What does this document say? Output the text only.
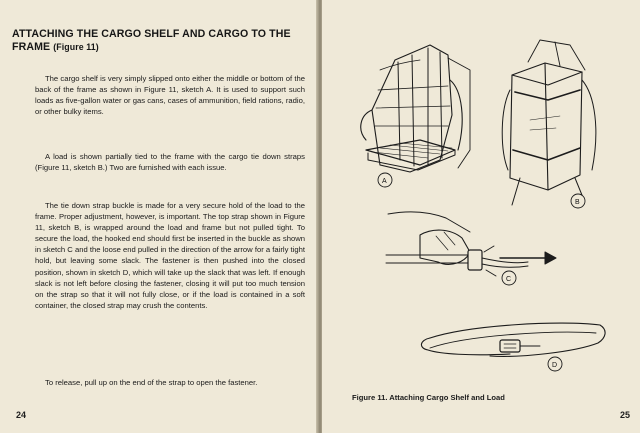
ATTACHING THE CARGO SHELF AND CARGO TO THE FRAME (Figure 11)

The cargo shelf is very simply slipped onto either the middle or bottom of the back of the frame as shown in Figure 11, sketch A. It is used to support such loads as five-gallon water or gas cans, cases of ammunition, field rations, radio, or other bulky items.

A load is shown partially tied to the frame with the cargo tie down straps (Figure 11, sketch B.) Two are furnished with each issue.

The tie down strap buckle is made for a very secure hold of the load to the frame. Proper adjustment, however, is important. The top strap shown in Figure 11, sketch B, is wrapped around the load and frame but not pulled tight. To secure the load, the hooked end should first be inserted in the buckle as shown in sketch C and the loose end pulled in the direction of the arrow for a fairly tight hold, but leaving some slack. The fastener is then pushed into the closed position, shown in sketch D, which will take up the slack that was left. If enough slack is not left before closing the fastener, closing it will put too much tension on the strap so that it will not fully close, or if the load is contained in a soft container, the closed strap may crush the contents.

To release, pull up on the end of the strap to open the fastener.

24
A
B
C
D
Figure 11. Attaching Cargo Shelf and Load
25
